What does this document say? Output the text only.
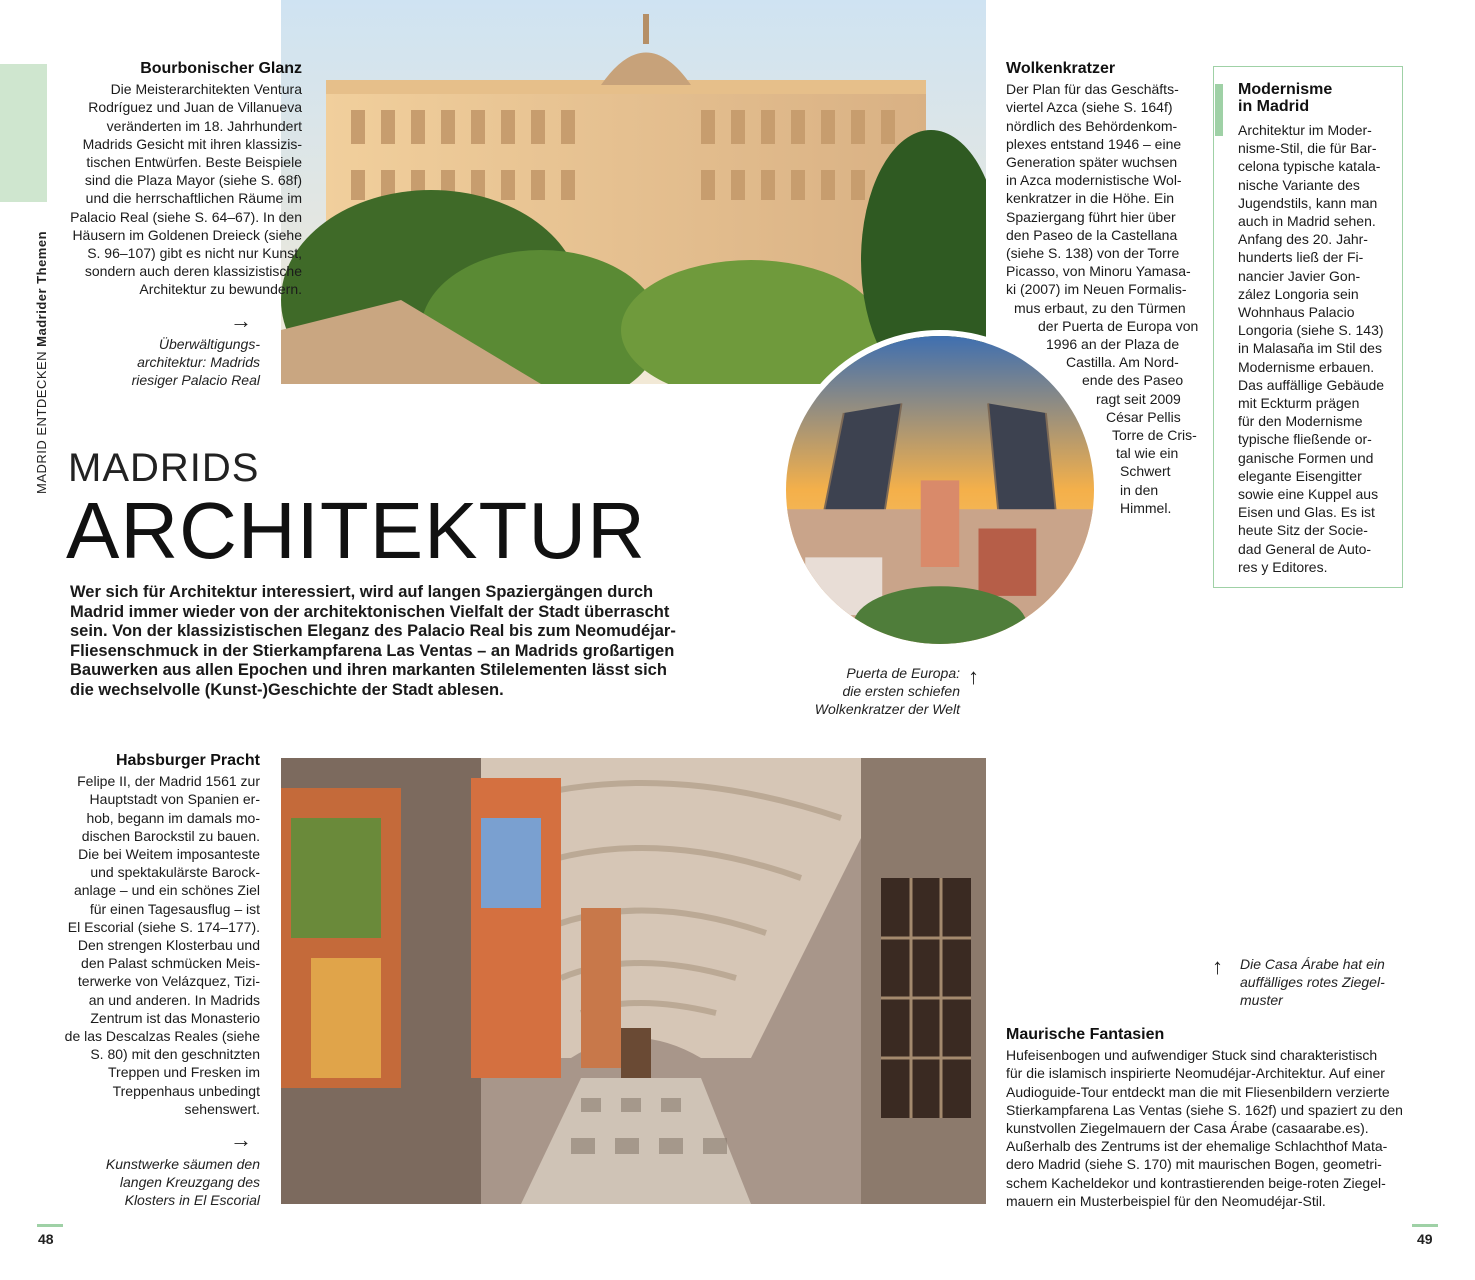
MADRID ENTDECKEN Madrider Themen
Bourbonischer Glanz
Die Meisterarchitekten Ventura
Rodríguez und Juan de Villanueva
veränderten im 18. Jahrhundert
Madrids Gesicht mit ihren klassizis-
tischen Entwürfen. Beste Beispiele
sind die Plaza Mayor (siehe S. 68f)
und die herrschaftlichen Räume im
Palacio Real (siehe S. 64–67). In den
Häusern im Goldenen Dreieck (siehe
S. 96–107) gibt es nicht nur Kunst,
sondern auch deren klassizistische
Architektur zu bewundern.
→
Überwältigungs-
architektur: Madrids
riesiger Palacio Real
MADRIDS
ARCHITEKTUR
Wer sich für Architektur interessiert, wird auf langen Spaziergängen durch Madrid immer wieder von der architektonischen Vielfalt der Stadt überrascht sein. Von der klassizistischen Eleganz des Palacio Real bis zum Neomudéjar-Fliesenschmuck in der Stierkampfarena Las Ventas – an Madrids großartigen Bauwerken aus allen Epochen und ihren markanten Stilelementen lässt sich die wechselvolle (Kunst-)Geschichte der Stadt ablesen.
Wolkenkratzer
Der Plan für das Geschäfts-
viertel Azca (siehe S. 164f)
nördlich des Behördenkom-
plexes entstand 1946 – eine
Generation später wuchsen
in Azca modernistische Wol-
kenkratzer in die Höhe. Ein
Spaziergang führt hier über
den Paseo de la Castellana
(siehe S. 138) von der Torre
Picasso, von Minoru Yamasa-
ki (2007) im Neuen Formalis-
mus erbaut, zu den Türmen
der Puerta de Europa von
1996 an der Plaza de
Castilla. Am Nord-
ende des Paseo
ragt seit 2009
César Pellis
Torre de Cris-
tal wie ein
Schwert
in den
Himmel.
Puerta de Europa:
die ersten schiefen
Wolkenkratzer der Welt
↑
Modernisme
in Madrid
Architektur im Moder-
nisme-Stil, die für Bar-
celona typische katala-
nische Variante des
Jugendstils, kann man
auch in Madrid sehen.
Anfang des 20. Jahr-
hunderts ließ der Fi-
nancier Javier Gon-
zález Longoria sein
Wohnhaus Palacio
Longoria (siehe S. 143)
in Malasaña im Stil des
Modernisme erbauen.
Das auffällige Gebäude
mit Eckturm prägen
für den Modernisme
typische fließende or-
ganische Formen und
elegante Eisengitter
sowie eine Kuppel aus
Eisen und Glas. Es ist
heute Sitz der Socie-
dad General de Auto-
res y Editores.
↑ Die Casa Árabe hat ein
auffälliges rotes Ziegel-
muster
Habsburger Pracht
Felipe II, der Madrid 1561 zur
Hauptstadt von Spanien er-
hob, begann im damals mo-
dischen Barockstil zu bauen.
Die bei Weitem imposanteste
und spektakulärste Barock-
anlage – und ein schönes Ziel
für einen Tagesausflug – ist
El Escorial (siehe S. 174–177).
Den strengen Klosterbau und
den Palast schmücken Meis-
terwerke von Velázquez, Tizi-
an und anderen. In Madrids
Zentrum ist das Monasterio
de las Descalzas Reales (siehe
S. 80) mit den geschnitzten
Treppen und Fresken im
Treppenhaus unbedingt
sehenswert.
→
Kunstwerke säumen den
langen Kreuzgang des
Klosters in El Escorial
Maurische Fantasien
Hufeisenbogen und aufwendiger Stuck sind charakteristisch
für die islamisch inspirierte Neomudéjar-Architektur. Auf einer
Audioguide-Tour entdeckt man die mit Fliesenbildern verzierte
Stierkampfarena Las Ventas (siehe S. 162f) und spaziert zu den
kunstvollen Ziegelmauern der Casa Árabe (casaarabe.es).
Außerhalb des Zentrums ist der ehemalige Schlachthof Mata-
dero Madrid (siehe S. 170) mit maurischen Bogen, geometri-
schem Kacheldekor und kontrastierenden beige-roten Ziegel-
mauern ein Musterbeispiel für den Neomudéjar-Stil.
48	49
